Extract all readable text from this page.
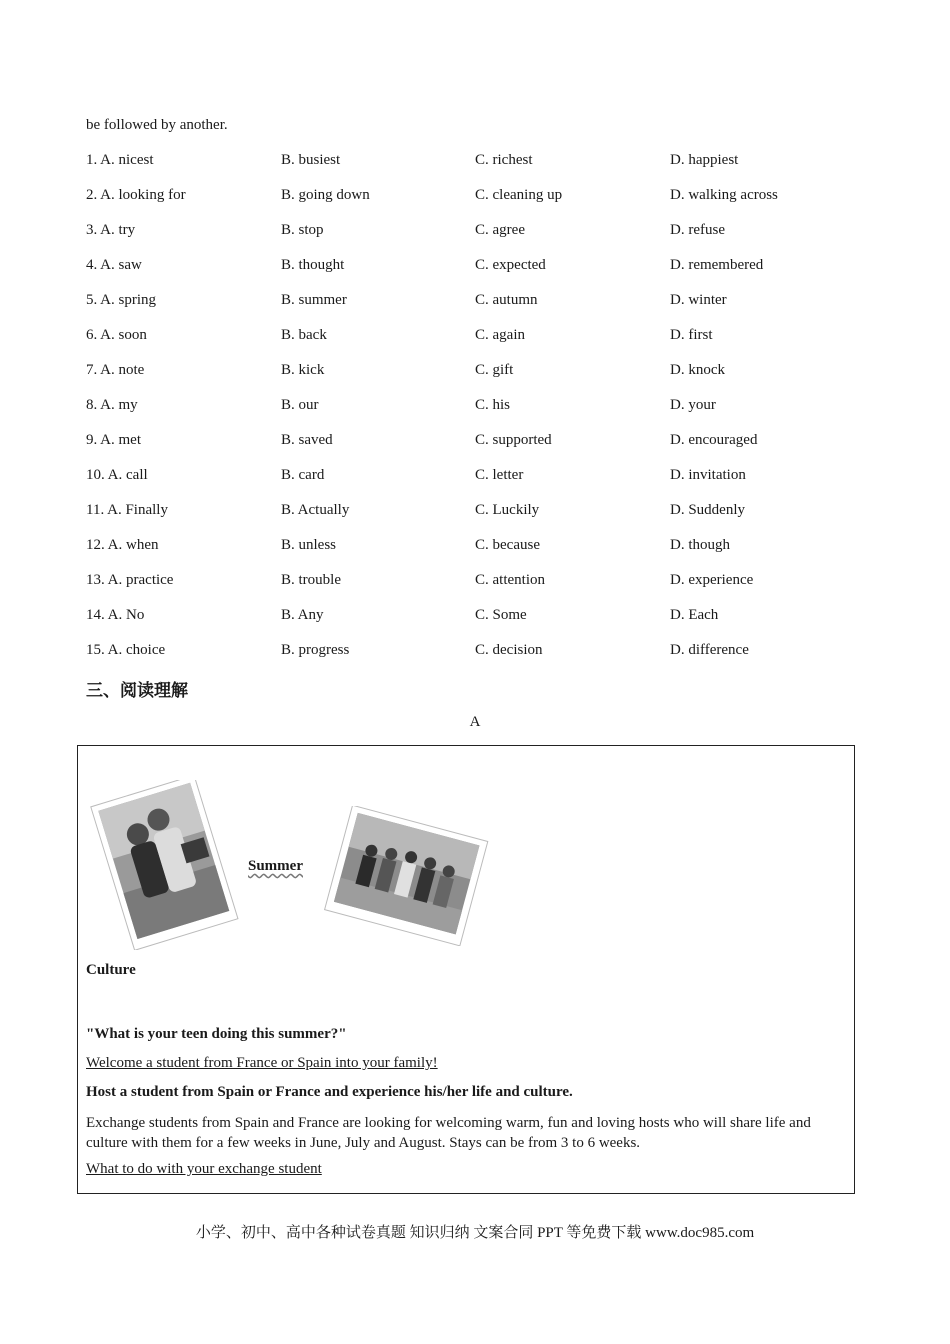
be followed by another.
1. A. nicest	B. busiest	C. richest	D. happiest
2. A. looking for	B. going down	C. cleaning up	D. walking across
3. A. try	B. stop	C. agree	D. refuse
4. A. saw	B. thought	C. expected	D. remembered
5. A. spring	B. summer	C. autumn	D. winter
6. A. soon	B. back	C. again	D. first
7. A. note	B. kick	C. gift	D. knock
8. A. my	B. our	C. his	D. your
9. A. met	B. saved	C. supported	D. encouraged
10. A. call	B. card	C. letter	D. invitation
11. A. Finally	B. Actually	C. Luckily	D. Suddenly
12. A. when	B. unless	C. because	D. though
13. A. practice	B. trouble	C. attention	D. experience
14. A. No	B. Any	C. Some	D. Each
15. A. choice	B. progress	C. decision	D. difference
三、阅读理解
A
Summer
Culture
"What is your teen doing this summer?"
Welcome a student from France or Spain into your family!
Host a student from Spain or France and experience his/her life and culture.
Exchange students from Spain and France are looking for welcoming warm, fun and loving hosts who will share life and culture with them for a few weeks in June, July and August. Stays can be from 3 to 6 weeks.
What to do with your exchange student
小学、初中、高中各种试卷真题 知识归纳 文案合同 PPT 等免费下载 www.doc985.com
